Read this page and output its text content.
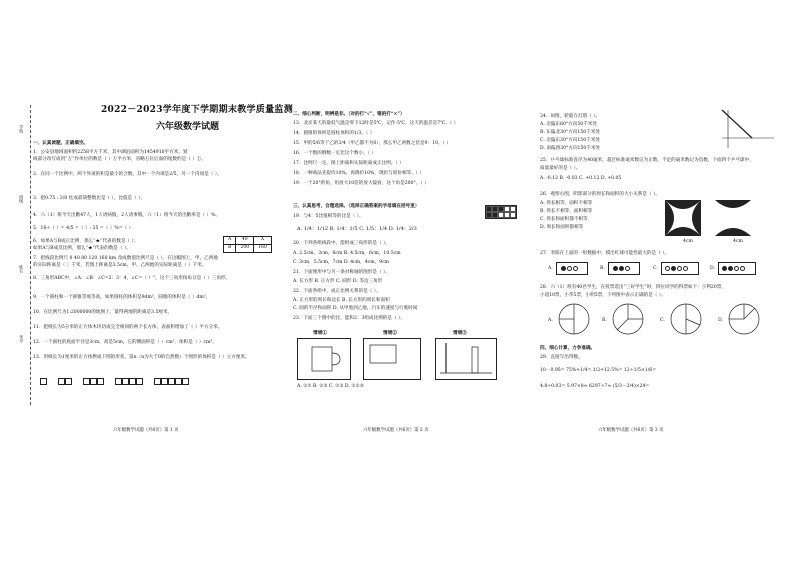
学校
班级
姓名
考号
2022－2023学年度下学期期末教学质量监测
六年级数学试题
一、认真读题，正确填空。
1．公安县地域面积约2258平方千米，其中湖泊面积为1454910平方米，划
线部分改写成用“万”作单位的数是（ ）万平方米，省略万位后面的尾数约是（ ）万。
2．在同一个比例中，两个外项的积是最小的合数，其中一个内项是2/5，另一个内项是（ ）。
3．把0.75 : 3/8 化成最简整数比是（ ），比值是（ ）。
4．六（1）班今天出勤47人，1人请病假，2人请事假，六（1）班今天的出勤率是（ ）%。
5．16÷（ ）= 4/5 =（ ）: 35 =（ ）%=（ ）
6．如果A与B成正比例，那么“★”代表的数是（ ）；
如果A与B成反比例，那么“★”代表的数是（ ）。
A	40	X
B	200	160
7．把线段比例尺 0 40 80 120 160 km 改成数值比例尺是（ ），在这幅图上，甲、乙两地
的实际距离是（ ）千米，若图上距离是3.5cm，甲、乙两地的实际距离是（ ）千米。
8．三角形ABC中，∠A：∠B：∠C=2：3：4，∠C=（ ）°，这个三角形按角分是（ ）三角形。
9．一个圆柱和一个圆锥等底等高，如果圆柱的体积是9dm³，圆锥的体积是（ ）dm³。
10．在比例尺为1:2000000的地图上，量得两地的距离是3.5厘米，
11．把棱长为5分米的正方体木块切成完全相同的两个长方体，表面积增加了（ ）平方分米。
12．一个圆柱的底面半径是3cm，高是5cm，它的侧面积是（ ）cm²，体积是（ ）cm³。
13．用棱长为1厘米的正方体摆成下图的形状，第n（n为大于0的自然数）个图形的体积是（ ）立方厘米。
六年级数学试题（共6页）第 1 页
二、细心判断，明辨是非。（对的打“√”，错的打“×”）
13．北京某天的最低气温是零下12时是5℃，记作-5℃，这天的温差是7℃。（ ）
14．圆锥的体积是圆柱体积的1/3。（ ）
15．甲的5/6等于乙的3/4（甲乙都不为0），那么甲乙两数之比是9：10。（ ）
16．一个数的倒数一定比这个数小。（ ）
17．比例尺一定，图上距离和实际距离成正比例。（ ）
18．一种商品先提价10%，再降价10%，现价与原价相等。（ ）
19．一个20°的角，用放大10倍的放大镜看，这个角是200°。（ ）
三、认真思考，合理选择。（选择正确答案的字母填在括号里）
19．与4：5比值相等的比是（ ）。
A. 1/4：1/12 B. 1/4：1/5 C. 1/5：1/4 D. 1/4：2/3
20．下列各组线段中，能组成三角形的是（ ）。
A. 2.5cm，3cm，6cm B. 4.5cm，6cm，10.5cm
C. 3cm，5.5cm，7cm D. 4cm，4cm，9cm
21．下面图形中与另一条对称轴的图形是（ ）。
A. 长方形 B. 正方形 C. 圆形 D. 等边三角形
22．下面各组中，成正比例关系的是（ ）。
A. 正方形的周长和边长 B. 长方形的周长和面积
C. 圆的半径和面积 D. 从甲地到乙地，汽车的速度与行驶时间
23．下面三个图中的比，能和2：3组成比例的是（ ）。
情境①	情境②	情境③
A. ①② B. ②③ C. ①③ D. ①②③
六年级数学试题（共6页）第 2 页
24．如图，轮船在灯塔（ ）。
A. 北偏东60°方向50千米处
B. 东偏北30°方向150千米处
C. 北偏东30°方向150千米处
D. 南偏西30°方向150千米处
25．乒乓球标准直径为40毫米，超过标准毫米数记为正数，不足的毫米数记为负数，下面四个乒乓球中，
质量最好的是（ ）。
A. -0.12 B. -0.03 C. +0.12 D. +0.05
26．观察右图，阴影部分的周长和面积的大小关系是（ ）。
A. 周长相等，面积不相等
B. 周长不相等，面积相等
C. 周长和面积都不相等
D. 周长和面积都相等
4cm	4cm
27．李阳在上面的一组数据中，摸出红球可能性最大的是（ ）。
A.	B.	C.	D.
28．六（1）班有40名学生，在投票选出“三好学生”时，四位同学的得票如下：小利20票，
小超10票，小华5票，小明5票，下列图中表示正确的是（ ）。
A.	B.	C.	D.
四、细心计算，力争准确。
29．直接写出得数。
10－0.95= 75%+1/4= 1/2+12.5%= 12÷1/5×1/6=
4.8÷0.03= 5.97×8≈ 6297÷7≈ (5/3－3/4)×24=
六年级数学试题（共6页）第 3 页
